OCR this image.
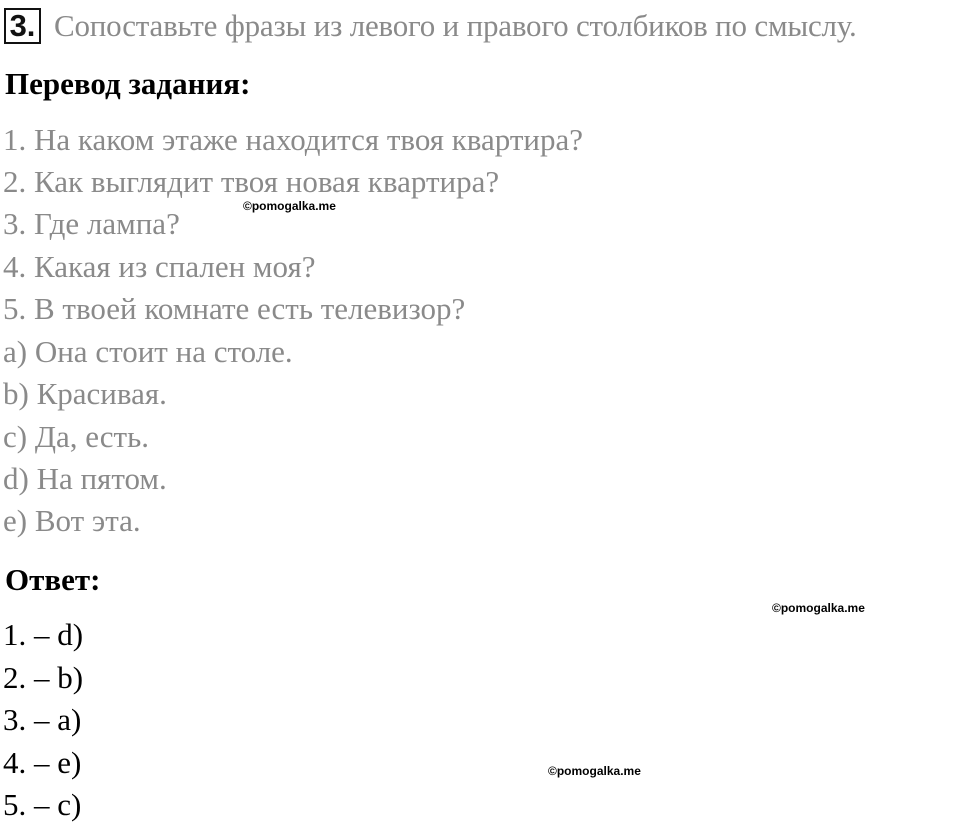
3. Сопоставьте фразы из левого и правого столбиков по смыслу.
Перевод задания:
1. На каком этаже находится твоя квартира?
2. Как выглядит твоя новая квартира?
3. Где лампа?
4. Какая из спален моя?
5. В твоей комнате есть телевизор?
a) Она стоит на столе.
b) Красивая.
c) Да, есть.
d) На пятом.
e) Вот эта.
Ответ:
1. – d)
2. – b)
3. – a)
4. – e)
5. – c)
©pomogalka.me
©pomogalka.me
©pomogalka.me
